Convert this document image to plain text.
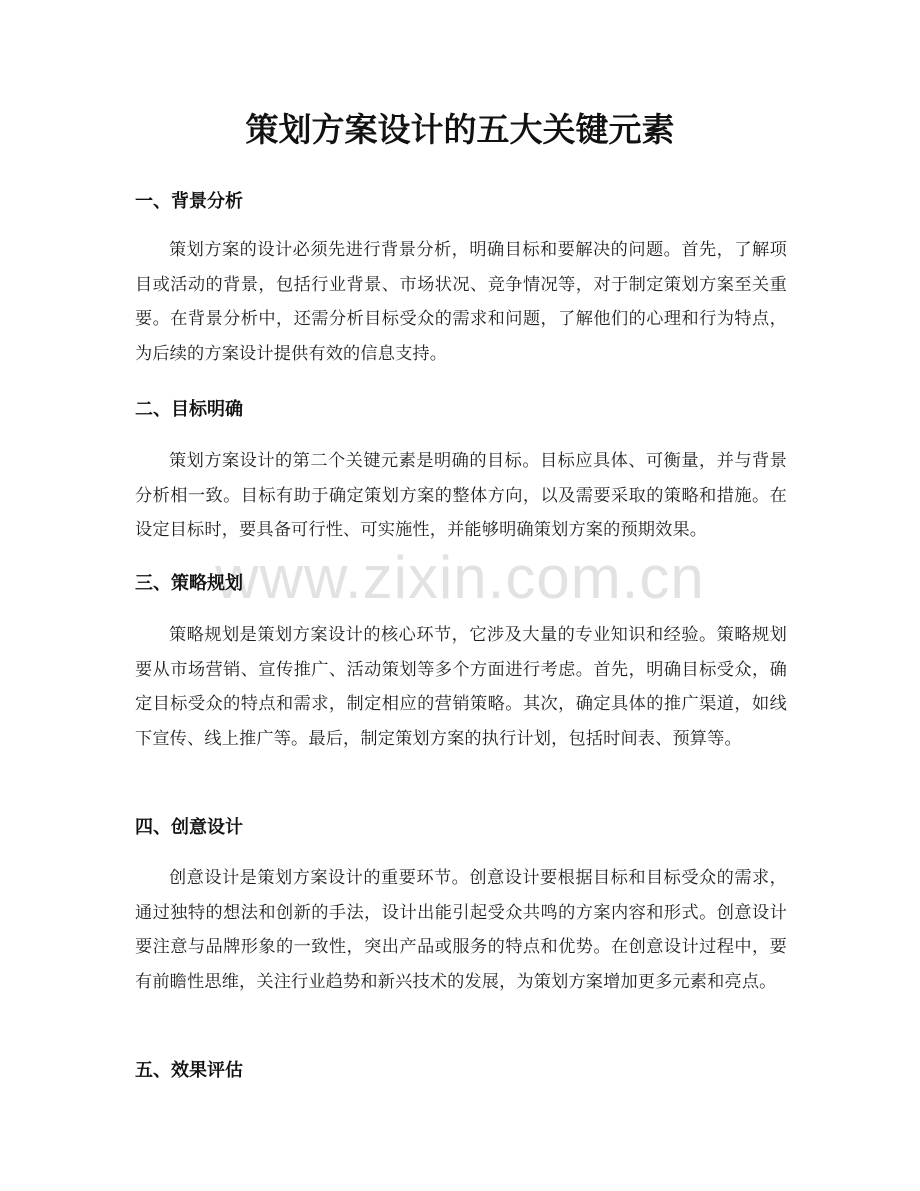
策划方案设计的五大关键元素
www.zixin.com.cn
一、背景分析

策划方案的设计必须先进行背景分析，明确目标和要解决的问题。首先，了解项目或活动的背景，包括行业背景、市场状况、竞争情况等，对于制定策划方案至关重要。在背景分析中，还需分析目标受众的需求和问题，了解他们的心理和行为特点，为后续的方案设计提供有效的信息支持。

二、目标明确

策划方案设计的第二个关键元素是明确的目标。目标应具体、可衡量，并与背景分析相一致。目标有助于确定策划方案的整体方向，以及需要采取的策略和措施。在设定目标时，要具备可行性、可实施性，并能够明确策划方案的预期效果。

三、策略规划

策略规划是策划方案设计的核心环节，它涉及大量的专业知识和经验。策略规划要从市场营销、宣传推广、活动策划等多个方面进行考虑。首先，明确目标受众，确定目标受众的特点和需求，制定相应的营销策略。其次，确定具体的推广渠道，如线下宣传、线上推广等。最后，制定策划方案的执行计划，包括时间表、预算等。

四、创意设计

创意设计是策划方案设计的重要环节。创意设计要根据目标和目标受众的需求，通过独特的想法和创新的手法，设计出能引起受众共鸣的方案内容和形式。创意设计要注意与品牌形象的一致性，突出产品或服务的特点和优势。在创意设计过程中，要有前瞻性思维，关注行业趋势和新兴技术的发展，为策划方案增加更多元素和亮点。

五、效果评估
